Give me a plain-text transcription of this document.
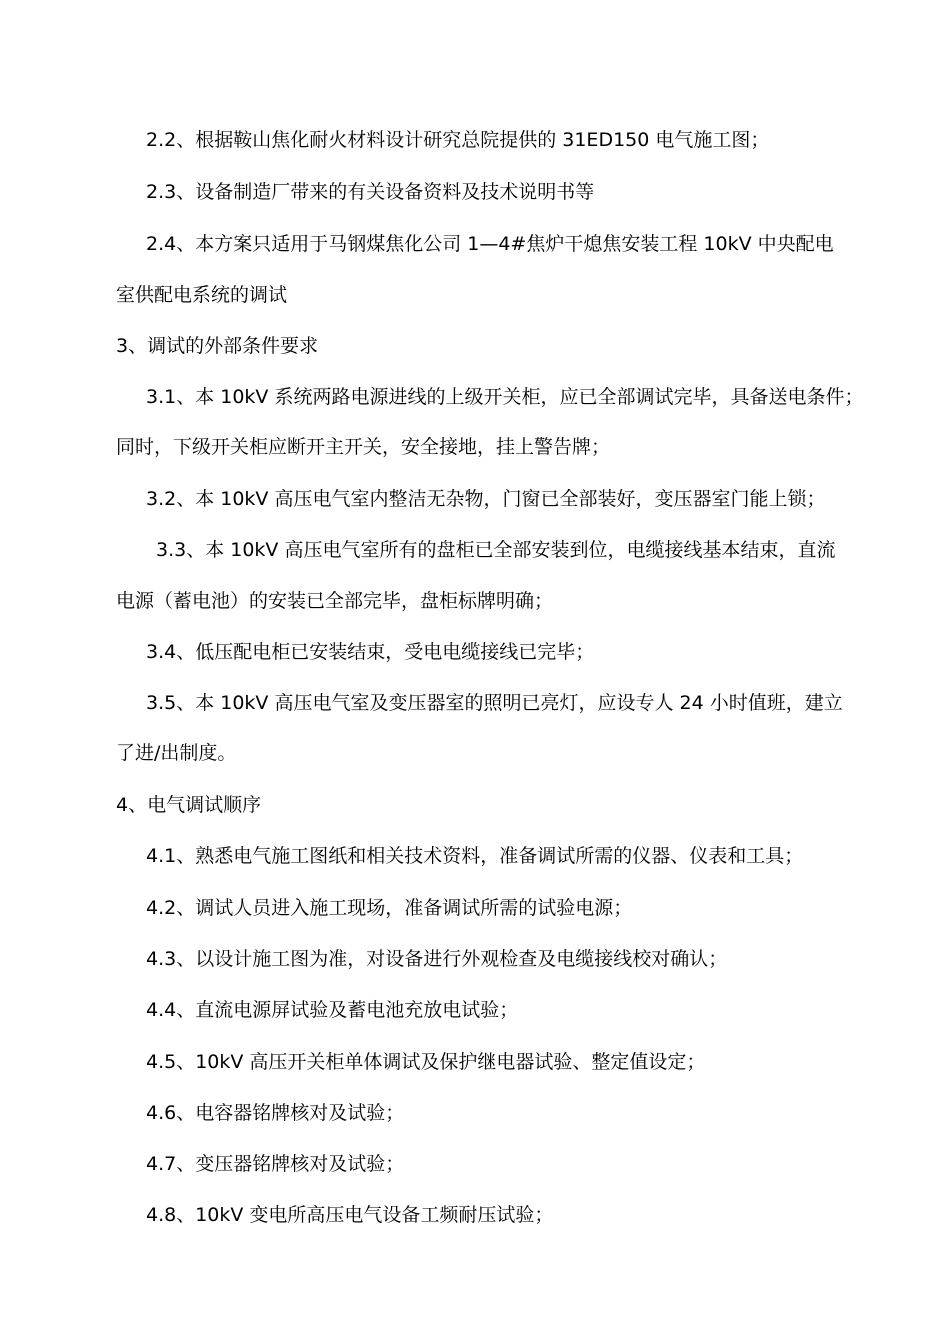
2.2、根据鞍山焦化耐火材料设计研究总院提供的 31ED150 电气施工图；
2.3、设备制造厂带来的有关设备资料及技术说明书等
2.4、本方案只适用于马钢煤焦化公司 1—4#焦炉干熄焦安装工程 10kV 中央配电
室供配电系统的调试
3、调试的外部条件要求
3.1、本 10kV 系统两路电源进线的上级开关柜，应已全部调试完毕，具备送电条件；
同时，下级开关柜应断开主开关，安全接地，挂上警告牌；
3.2、本 10kV 高压电气室内整洁无杂物，门窗已全部装好，变压器室门能上锁；
3.3、本 10kV 高压电气室所有的盘柜已全部安装到位，电缆接线基本结束，直流
电源（蓄电池）的安装已全部完毕，盘柜标牌明确；
3.4、低压配电柜已安装结束，受电电缆接线已完毕；
3.5、本 10kV 高压电气室及变压器室的照明已亮灯，应设专人 24 小时值班，建立
了进/出制度。
4、电气调试顺序
4.1、熟悉电气施工图纸和相关技术资料，准备调试所需的仪器、仪表和工具；
4.2、调试人员进入施工现场，准备调试所需的试验电源；
4.3、以设计施工图为准，对设备进行外观检查及电缆接线校对确认；
4.4、直流电源屏试验及蓄电池充放电试验；
4.5、10kV 高压开关柜单体调试及保护继电器试验、整定值设定；
4.6、电容器铭牌核对及试验；
4.7、变压器铭牌核对及试验；
4.8、10kV 变电所高压电气设备工频耐压试验；
